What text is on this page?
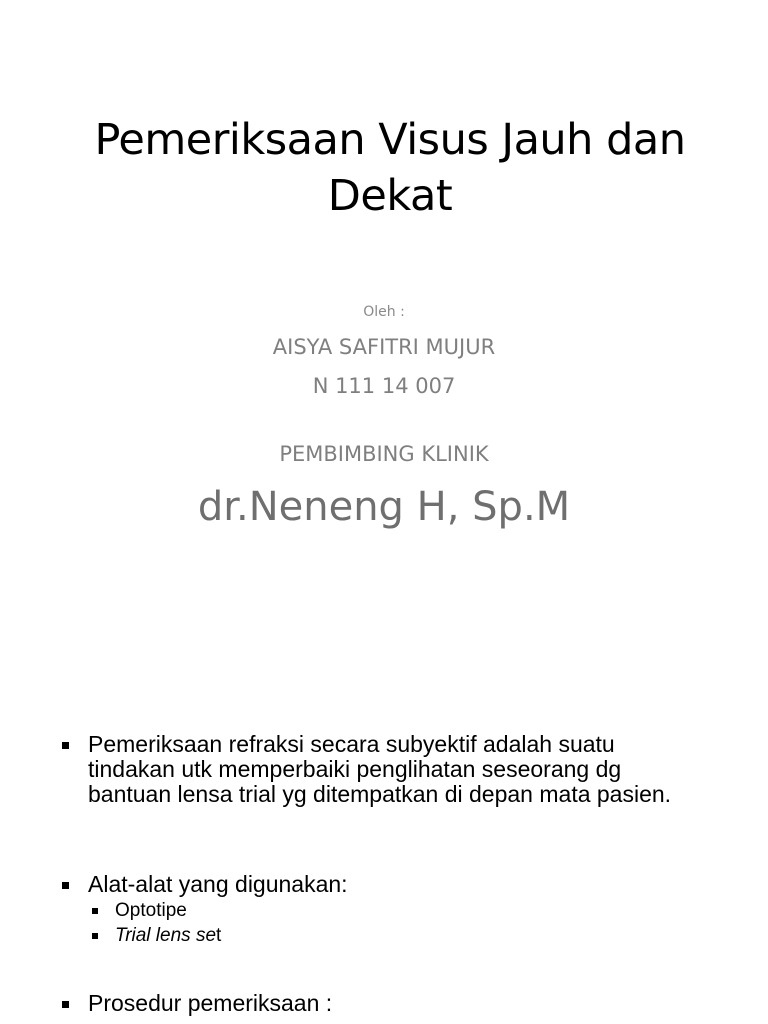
Pemeriksaan Visus Jauh dan Dekat
Oleh :
AISYA SAFITRI MUJUR
N 111 14 007
PEMBIMBING KLINIK
dr.Neneng H, Sp.M
Pemeriksaan refraksi secara subyektif adalah suatu tindakan utk memperbaiki penglihatan seseorang dg bantuan lensa trial yg ditempatkan di depan mata pasien.
Alat-alat yang digunakan:
Optotipe
Trial lens set
Prosedur pemeriksaan :
